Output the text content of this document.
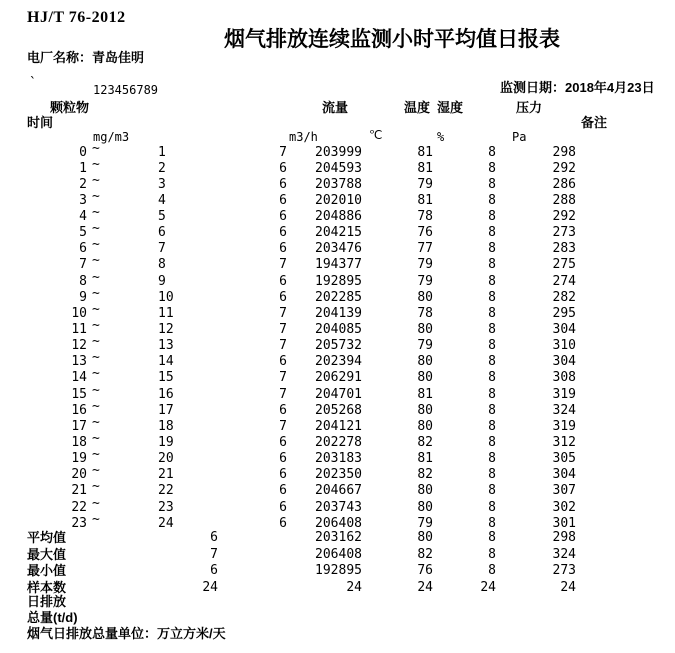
HJ/T 76-2012
烟气排放连续监测小时平均值日报表
电厂名称：青岛佳明
`	123456789	监测日期：2018年4月23日
颗粒物	流量	温度 湿度	压力
时间	备注
mg/m3	m3/h	℃	%	Pa
0 ~	1	7	203999	81	8	298
1 ~	2	6	204593	81	8	292
2 ~	3	6	203788	79	8	286
3 ~	4	6	202010	81	8	288
4 ~	5	6	204886	78	8	292
5 ~	6	6	204215	76	8	273
6 ~	7	6	203476	77	8	283
7 ~	8	7	194377	79	8	275
8 ~	9	6	192895	79	8	274
9 ~	10	6	202285	80	8	282
10 ~	11	7	204139	78	8	295
11 ~	12	7	204085	80	8	304
12 ~	13	7	205732	79	8	310
13 ~	14	6	202394	80	8	304
14 ~	15	7	206291	80	8	308
15 ~	16	7	204701	81	8	319
16 ~	17	6	205268	80	8	324
17 ~	18	7	204121	80	8	319
18 ~	19	6	202278	82	8	312
19 ~	20	6	203183	81	8	305
20 ~	21	6	202350	82	8	304
21 ~	22	6	204667	80	8	307
22 ~	23	6	203743	80	8	302
23 ~	24	6	206408	79	8	301
平均值	6	203162	80	8	298
最大值	7	206408	82	8	324
最小值	6	192895	76	8	273
样本数	24	24	24	24	24
日排放
总量(t/d)
烟气日排放总量单位：万立方米/天
